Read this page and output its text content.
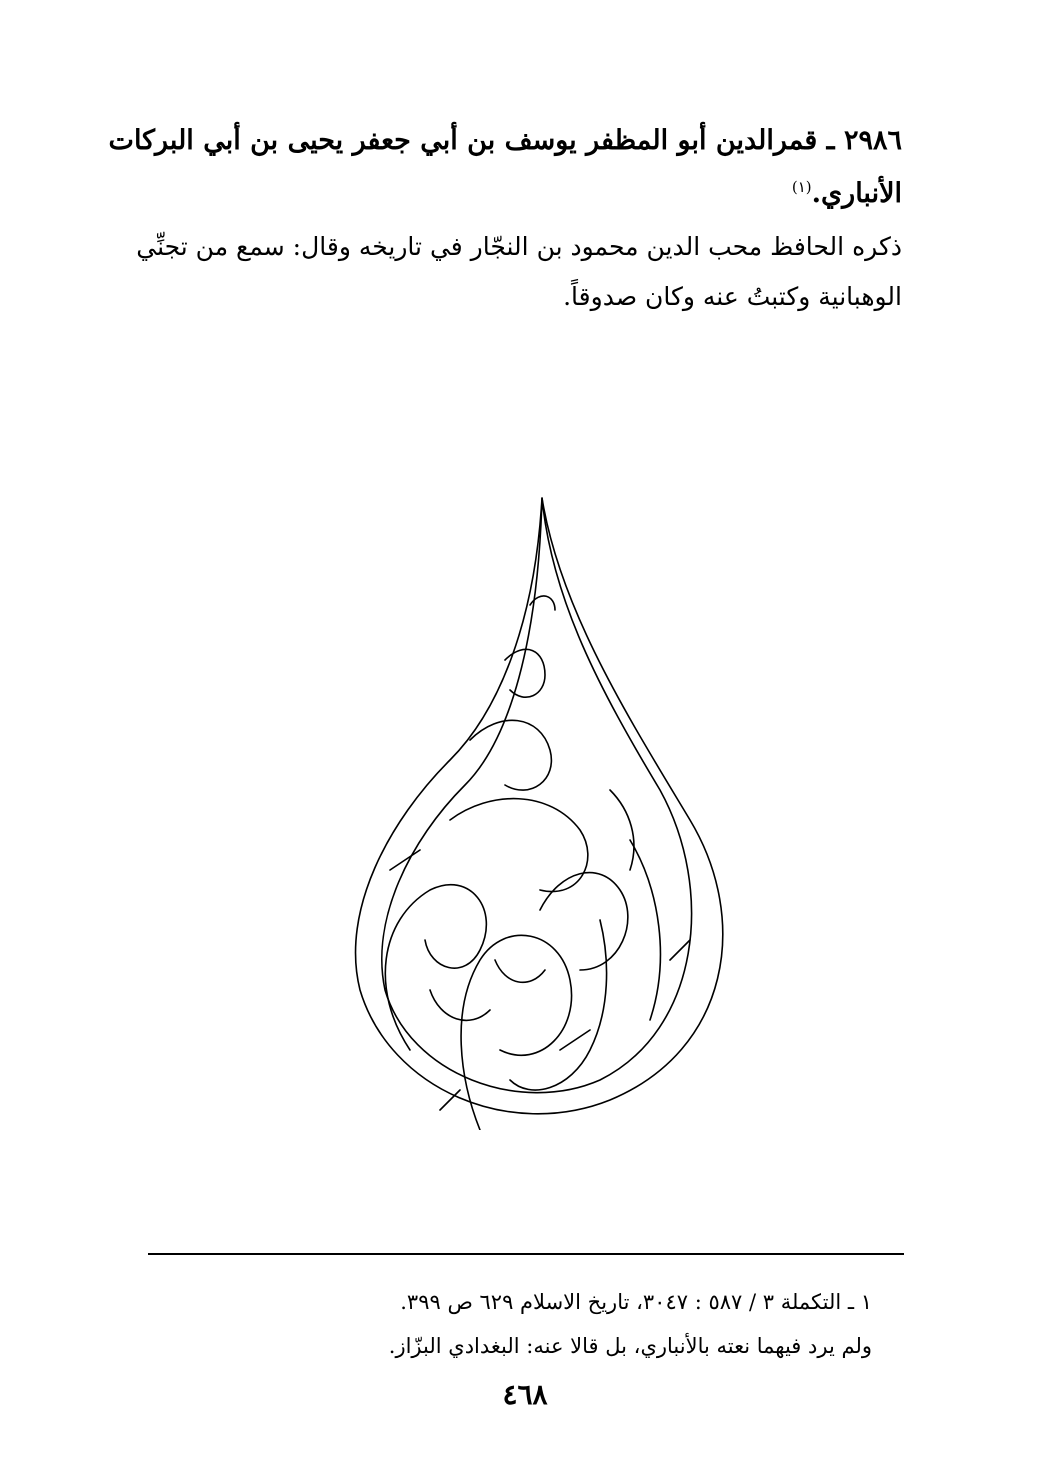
٢٩٨٦ ـ قمرالدين أبو المظفر يوسف بن أبي جعفر يحيى بن أبي البركات
الأنباري.$^{(١)}$
ذكره الحافظ محب الدين محمود بن النجّار في تاريخه وقال: سمع من تجنِّي
الوهبانية وكتبتُ عنه وكان صدوقاً.
١ ـ التكملة ٣ / ٥٨٧ : ٣٠٤٧، تاريخ الاسلام ٦٢٩ ص ٣٩٩.
ولم يرد فيهما نعته بالأنباري، بل قالا عنه: البغدادي البزّاز.
٤٦٨
